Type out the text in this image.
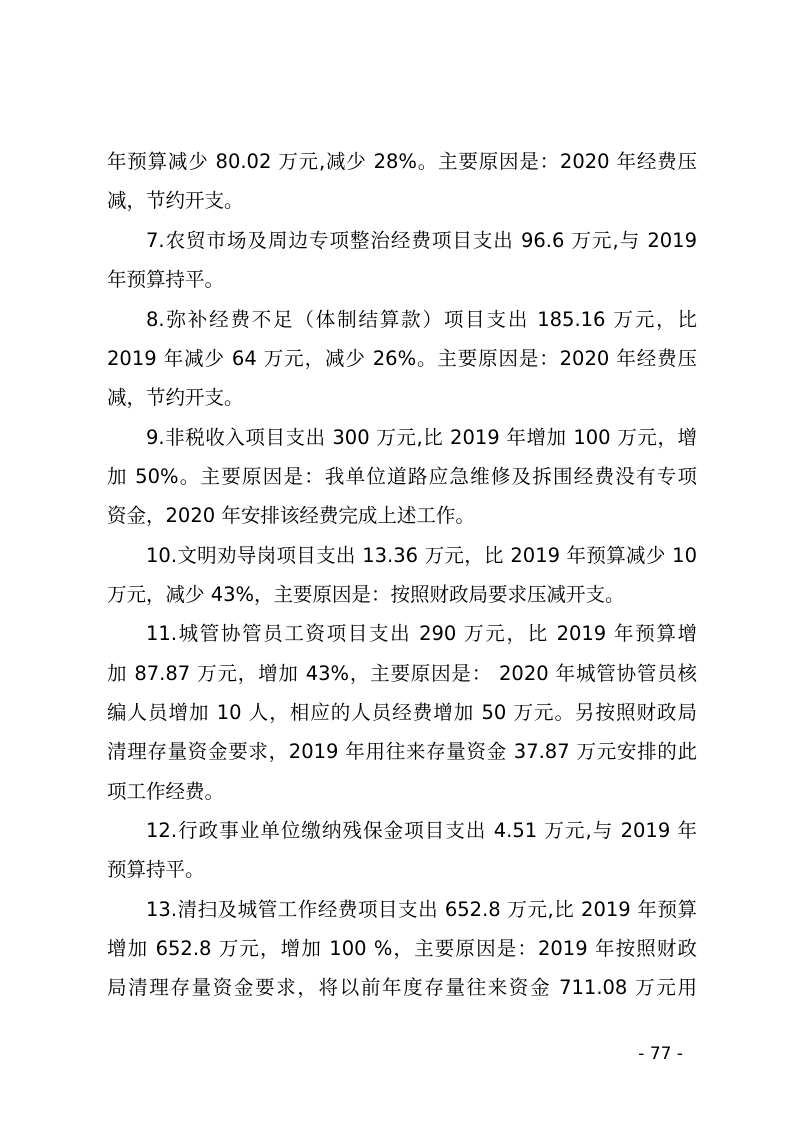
年预算减少 80.02 万元,减少 28%。主要原因是：2020 年经费压
减，节约开支。
7.农贸市场及周边专项整治经费项目支出 96.6 万元,与 2019
年预算持平。
8.弥补经费不足（体制结算款）项目支出 185.16 万元，比
2019 年减少 64 万元，减少 26%。主要原因是：2020 年经费压
减，节约开支。
9.非税收入项目支出 300 万元,比 2019 年增加 100 万元，增
加 50%。主要原因是：我单位道路应急维修及拆围经费没有专项
资金，2020 年安排该经费完成上述工作。
10.文明劝导岗项目支出 13.36 万元，比 2019 年预算减少 10
万元，减少 43%，主要原因是：按照财政局要求压减开支。
11.城管协管员工资项目支出 290 万元，比 2019 年预算增
加 87.87 万元，增加 43%，主要原因是： 2020 年城管协管员核
编人员增加 10 人，相应的人员经费增加 50 万元。另按照财政局
清理存量资金要求，2019 年用往来存量资金 37.87 万元安排的此
项工作经费。
12.行政事业单位缴纳残保金项目支出 4.51 万元,与 2019 年
预算持平。
13.清扫及城管工作经费项目支出 652.8 万元,比 2019 年预算
增加 652.8 万元，增加 100 %，主要原因是：2019 年按照财政
局清理存量资金要求，将以前年度存量往来资金 711.08 万元用
- 77 -
